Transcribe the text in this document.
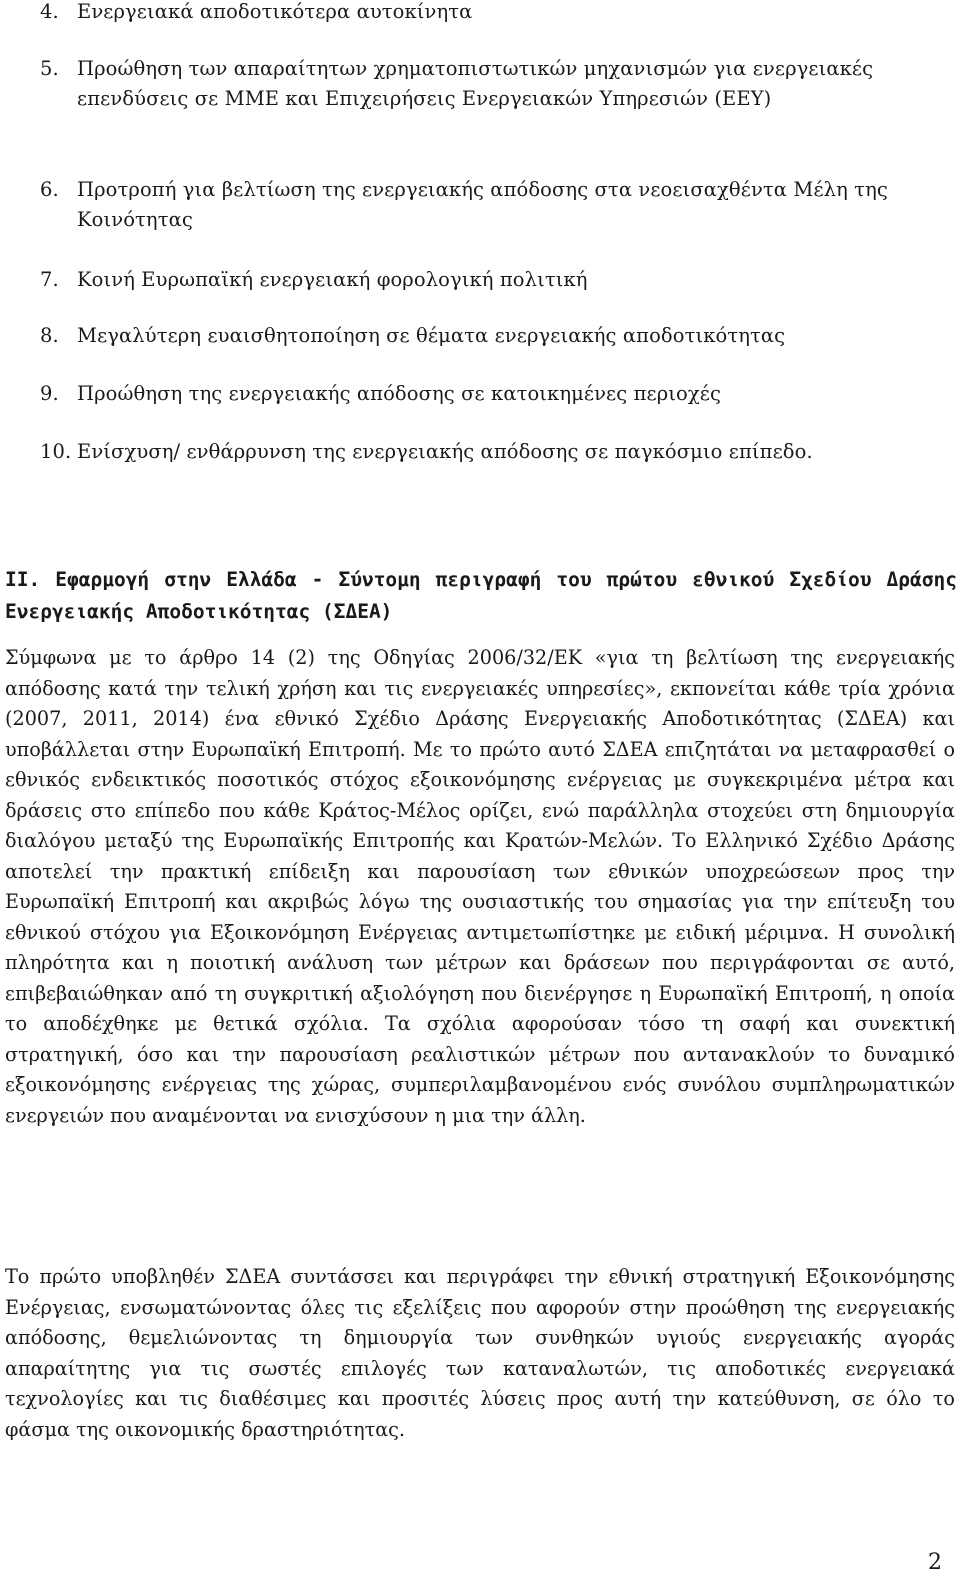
4. Ενεργειακά αποδοτικότερα αυτοκίνητα
5. Προώθηση των απαραίτητων χρηματοπιστωτικών μηχανισμών για ενεργειακές επενδύσεις σε ΜΜΕ και Επιχειρήσεις Ενεργειακών Υπηρεσιών (ΕΕΥ)
6. Προτροπή για βελτίωση της ενεργειακής απόδοσης στα νεοεισαχθέντα Μέλη της Κοινότητας
7. Κοινή Ευρωπαϊκή ενεργειακή φορολογική πολιτική
8. Μεγαλύτερη ευαισθητοποίηση σε θέματα ενεργειακής αποδοτικότητας
9. Προώθηση της ενεργειακής απόδοσης σε κατοικημένες περιοχές
10. Ενίσχυση/ ενθάρρυνση της ενεργειακής απόδοσης σε παγκόσμιο επίπεδο.
ΙΙ. Εφαρμογή στην Ελλάδα - Σύντομη περιγραφή του πρώτου εθνικού Σχεδίου Δράσης Ενεργειακής Αποδοτικότητας (ΣΔΕΑ)

Σύμφωνα με το άρθρο 14 (2) της Οδηγίας 2006/32/ΕΚ «για τη βελτίωση της ενεργειακής απόδοσης κατά την τελική χρήση και τις ενεργειακές υπηρεσίες», εκπονείται κάθε τρία χρόνια (2007, 2011, 2014) ένα εθνικό Σχέδιο Δράσης Ενεργειακής Αποδοτικότητας (ΣΔΕΑ) και υποβάλλεται στην Ευρωπαϊκή Επιτροπή. Με το πρώτο αυτό ΣΔΕΑ επιζητάται να μεταφρασθεί ο εθνικός ενδεικτικός ποσοτικός στόχος εξοικονόμησης ενέργειας με συγκεκριμένα μέτρα και δράσεις στο επίπεδο που κάθε Κράτος-Μέλος ορίζει, ενώ παράλληλα στοχεύει στη δημιουργία διαλόγου μεταξύ της Ευρωπαϊκής Επιτροπής και Κρατών-Μελών. Το Ελληνικό Σχέδιο Δράσης αποτελεί την πρακτική επίδειξη και παρουσίαση των εθνικών υποχρεώσεων προς την Ευρωπαϊκή Επιτροπή και ακριβώς λόγω της ουσιαστικής του σημασίας για την επίτευξη του εθνικού στόχου για Εξοικονόμηση Ενέργειας αντιμετωπίστηκε με ειδική μέριμνα. Η συνολική πληρότητα και η ποιοτική ανάλυση των μέτρων και δράσεων που περιγράφονται σε αυτό, επιβεβαιώθηκαν από τη συγκριτική αξιολόγηση που διενέργησε η Ευρωπαϊκή Επιτροπή, η οποία το αποδέχθηκε με θετικά σχόλια. Τα σχόλια αφορούσαν τόσο τη σαφή και συνεκτική στρατηγική, όσο και την παρουσίαση ρεαλιστικών μέτρων που αντανακλούν το δυναμικό εξοικονόμησης ενέργειας της χώρας, συμπεριλαμβανομένου ενός συνόλου συμπληρωματικών ενεργειών που αναμένονται να ενισχύσουν η μια την άλλη.

Το πρώτο υποβληθέν ΣΔΕΑ συντάσσει και περιγράφει την εθνική στρατηγική Εξοικονόμησης Ενέργειας, ενσωματώνοντας όλες τις εξελίξεις που αφορούν στην προώθηση της ενεργειακής απόδοσης, θεμελιώνοντας τη δημιουργία των συνθηκών υγιούς ενεργειακής αγοράς απαραίτητης για τις σωστές επιλογές των καταναλωτών, τις αποδοτικές ενεργειακά τεχνολογίες και τις διαθέσιμες και προσιτές λύσεις προς αυτή την κατεύθυνση, σε όλο το φάσμα της οικονομικής δραστηριότητας.

2
